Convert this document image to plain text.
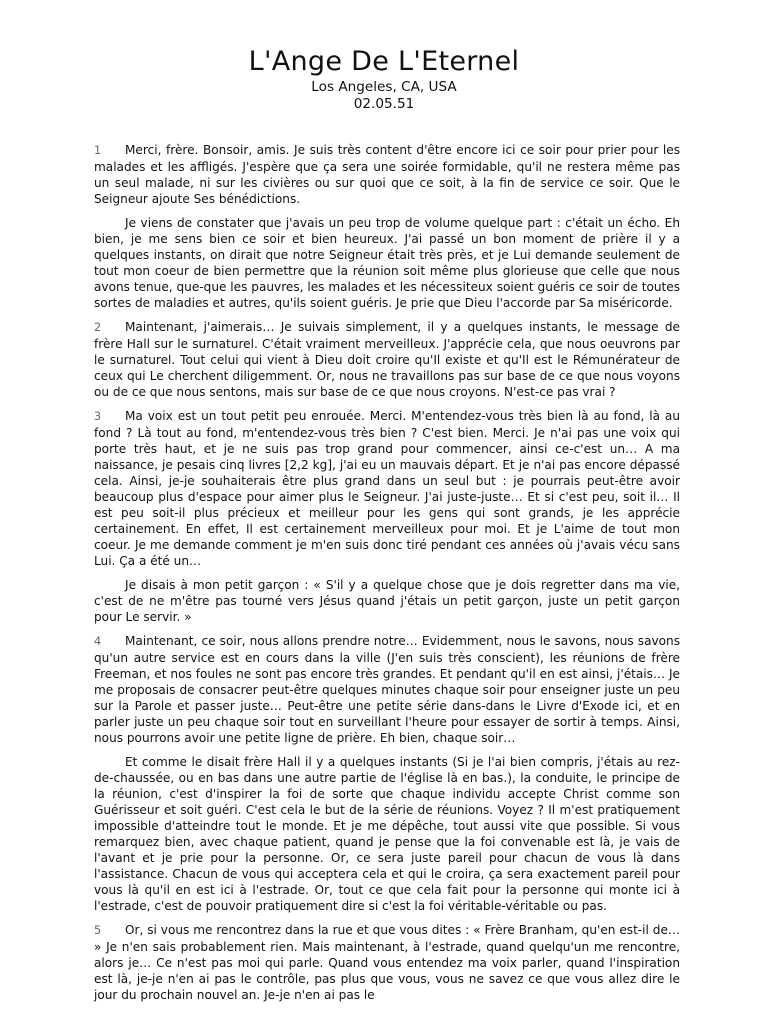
L'Ange De L'Eternel
Los Angeles, CA, USA
02.05.51

1 Merci, frère. Bonsoir, amis. Je suis très content d'être encore ici ce soir pour prier pour les malades et les affligés. J'espère que ça sera une soirée formidable, qu'il ne restera même pas un seul malade, ni sur les civières ou sur quoi que ce soit, à la fin de service ce soir. Que le Seigneur ajoute Ses bénédictions.

Je viens de constater que j'avais un peu trop de volume quelque part : c'était un écho. Eh bien, je me sens bien ce soir et bien heureux. J'ai passé un bon moment de prière il y a quelques instants, on dirait que notre Seigneur était très près, et je Lui demande seulement de tout mon coeur de bien permettre que la réunion soit même plus glorieuse que celle que nous avons tenue, que-que les pauvres, les malades et les nécessiteux soient guéris ce soir de toutes sortes de maladies et autres, qu'ils soient guéris. Je prie que Dieu l'accorde par Sa miséricorde.

2 Maintenant, j'aimerais… Je suivais simplement, il y a quelques instants, le message de frère Hall sur le surnaturel. C'était vraiment merveilleux. J'apprécie cela, que nous oeuvrons par le surnaturel. Tout celui qui vient à Dieu doit croire qu'Il existe et qu'Il est le Rémunérateur de ceux qui Le cherchent diligemment. Or, nous ne travaillons pas sur base de ce que nous voyons ou de ce que nous sentons, mais sur base de ce que nous croyons. N'est-ce pas vrai ?

3 Ma voix est un tout petit peu enrouée. Merci. M'entendez-vous très bien là au fond, là au fond ? Là tout au fond, m'entendez-vous très bien ? C'est bien. Merci. Je n'ai pas une voix qui porte très haut, et je ne suis pas trop grand pour commencer, ainsi ce-c'est un… A ma naissance, je pesais cinq livres [2,2 kg], j'ai eu un mauvais départ. Et je n'ai pas encore dépassé cela. Ainsi, je-je souhaiterais être plus grand dans un seul but : je pourrais peut-être avoir beaucoup plus d'espace pour aimer plus le Seigneur. J'ai juste-juste… Et si c'est peu, soit il… Il est peu soit-il plus précieux et meilleur pour les gens qui sont grands, je les apprécie certainement. En effet, Il est certainement merveilleux pour moi. Et je L'aime de tout mon coeur. Je me demande comment je m'en suis donc tiré pendant ces années où j'avais vécu sans Lui. Ça a été un…

Je disais à mon petit garçon : « S'il y a quelque chose que je dois regretter dans ma vie, c'est de ne m'être pas tourné vers Jésus quand j'étais un petit garçon, juste un petit garçon pour Le servir. »

4 Maintenant, ce soir, nous allons prendre notre… Evidemment, nous le savons, nous savons qu'un autre service est en cours dans la ville (J'en suis très conscient), les réunions de frère Freeman, et nos foules ne sont pas encore très grandes. Et pendant qu'il en est ainsi, j'étais… Je me proposais de consacrer peut-être quelques minutes chaque soir pour enseigner juste un peu sur la Parole et passer juste… Peut-être une petite série dans-dans le Livre d'Exode ici, et en parler juste un peu chaque soir tout en surveillant l'heure pour essayer de sortir à temps. Ainsi, nous pourrons avoir une petite ligne de prière. Eh bien, chaque soir…

Et comme le disait frère Hall il y a quelques instants (Si je l'ai bien compris, j'étais au rez-de-chaussée, ou en bas dans une autre partie de l'église là en bas.), la conduite, le principe de la réunion, c'est d'inspirer la foi de sorte que chaque individu accepte Christ comme son Guérisseur et soit guéri. C'est cela le but de la série de réunions. Voyez ? Il m'est pratiquement impossible d'atteindre tout le monde. Et je me dépêche, tout aussi vite que possible. Si vous remarquez bien, avec chaque patient, quand je pense que la foi convenable est là, je vais de l'avant et je prie pour la personne. Or, ce sera juste pareil pour chacun de vous là dans l'assistance. Chacun de vous qui acceptera cela et qui le croira, ça sera exactement pareil pour vous là qu'il en est ici à l'estrade. Or, tout ce que cela fait pour la personne qui monte ici à l'estrade, c'est de pouvoir pratiquement dire si c'est la foi véritable-véritable ou pas.

5 Or, si vous me rencontrez dans la rue et que vous dites : « Frère Branham, qu'en est-il de… » Je n'en sais probablement rien. Mais maintenant, à l'estrade, quand quelqu'un me rencontre, alors je… Ce n'est pas moi qui parle. Quand vous entendez ma voix parler, quand l'inspiration est là, je-je n'en ai pas le contrôle, pas plus que vous, vous ne savez ce que vous allez dire le jour du prochain nouvel an. Je-je n'en ai pas le
